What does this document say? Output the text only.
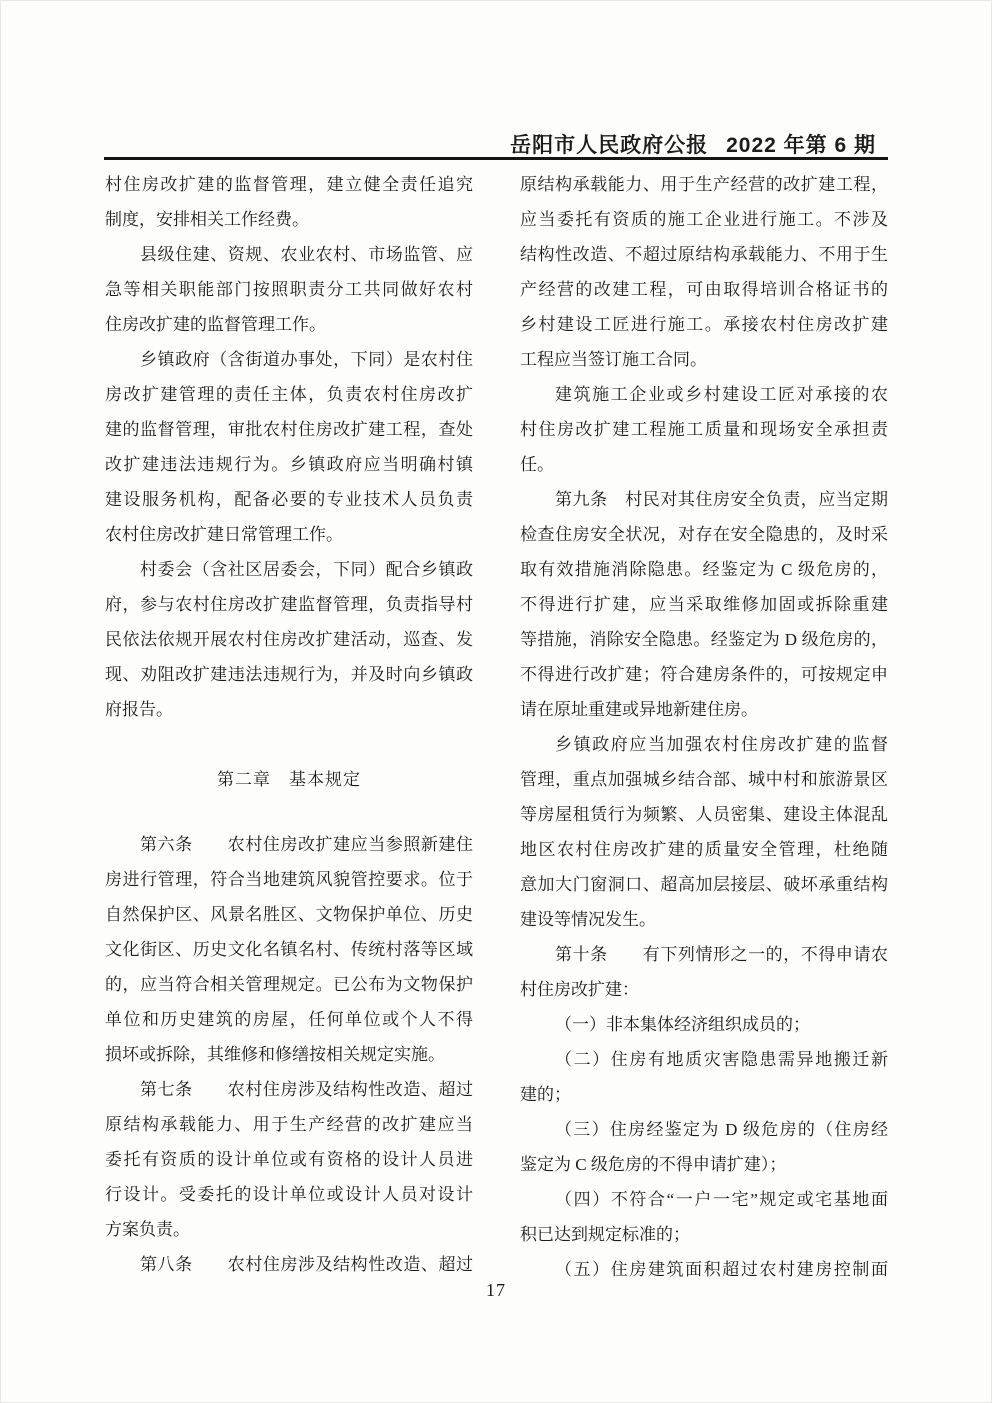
岳阳市人民政府公报 2022 年第 6 期
村住房改扩建的监督管理，建立健全责任追究
制度，安排相关工作经费。
县级住建、资规、农业农村、市场监管、应
急等相关职能部门按照职责分工共同做好农村
住房改扩建的监督管理工作。
乡镇政府（含街道办事处，下同）是农村住
房改扩建管理的责任主体，负责农村住房改扩
建的监督管理，审批农村住房改扩建工程，查处
改扩建违法违规行为。乡镇政府应当明确村镇
建设服务机构，配备必要的专业技术人员负责
农村住房改扩建日常管理工作。
村委会（含社区居委会，下同）配合乡镇政
府，参与农村住房改扩建监督管理，负责指导村
民依法依规开展农村住房改扩建活动，巡查、发
现、劝阻改扩建违法违规行为，并及时向乡镇政
府报告。
第二章　基本规定
第六条　　农村住房改扩建应当参照新建住
房进行管理，符合当地建筑风貌管控要求。位于
自然保护区、风景名胜区、文物保护单位、历史
文化街区、历史文化名镇名村、传统村落等区域
的，应当符合相关管理规定。已公布为文物保护
单位和历史建筑的房屋，任何单位或个人不得
损坏或拆除，其维修和修缮按相关规定实施。
第七条　　农村住房涉及结构性改造、超过
原结构承载能力、用于生产经营的改扩建应当
委托有资质的设计单位或有资格的设计人员进
行设计。受委托的设计单位或设计人员对设计
方案负责。
第八条　　农村住房涉及结构性改造、超过
原结构承载能力、用于生产经营的改扩建工程，
应当委托有资质的施工企业进行施工。不涉及
结构性改造、不超过原结构承载能力、不用于生
产经营的改建工程，可由取得培训合格证书的
乡村建设工匠进行施工。承接农村住房改扩建
工程应当签订施工合同。
建筑施工企业或乡村建设工匠对承接的农
村住房改扩建工程施工质量和现场安全承担责
任。
第九条　村民对其住房安全负责，应当定期
检查住房安全状况，对存在安全隐患的，及时采
取有效措施消除隐患。经鉴定为 C 级危房的，
不得进行扩建，应当采取维修加固或拆除重建
等措施，消除安全隐患。经鉴定为 D 级危房的，
不得进行改扩建；符合建房条件的，可按规定申
请在原址重建或异地新建住房。
乡镇政府应当加强农村住房改扩建的监督
管理，重点加强城乡结合部、城中村和旅游景区
等房屋租赁行为频繁、人员密集、建设主体混乱
地区农村住房改扩建的质量安全管理，杜绝随
意加大门窗洞口、超高加层接层、破坏承重结构
建设等情况发生。
第十条　　有下列情形之一的，不得申请农
村住房改扩建：
（一）非本集体经济组织成员的；
（二）住房有地质灾害隐患需异地搬迁新
建的；
（三）住房经鉴定为 D 级危房的（住房经
鉴定为 C 级危房的不得申请扩建）；
（四）不符合“一户一宅”规定或宅基地面
积已达到规定标准的；
（五）住房建筑面积超过农村建房控制面
17
